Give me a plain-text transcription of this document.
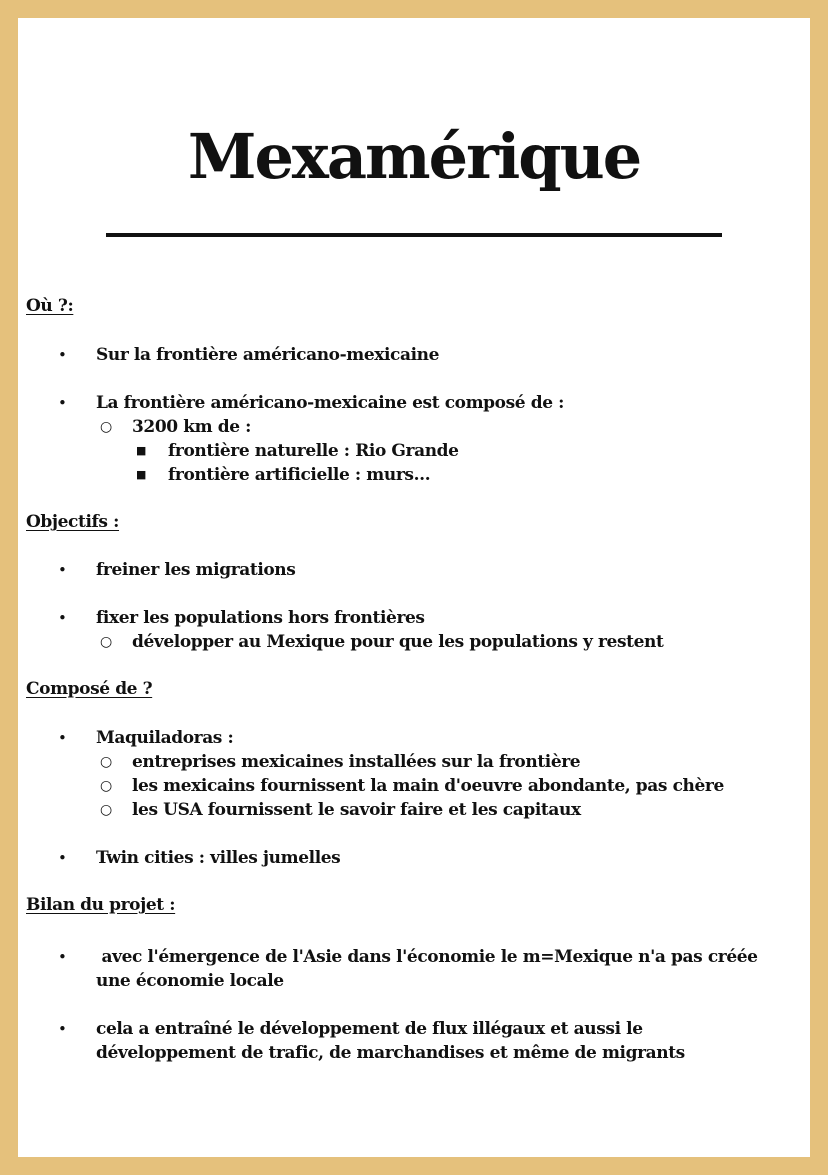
Mexamérique
Où ?:
• Sur la frontière américano-mexicaine
• La frontière américano-mexicaine est composé de :
○ 3200 km de :
■ frontière naturelle : Rio Grande
■ frontière artificielle : murs…
Objectifs :
• freiner les migrations
• fixer les populations hors frontières
○ développer au Mexique pour que les populations y restent
Composé de ?
• Maquiladoras :
○ entreprises mexicaines installées sur la frontière
○ les mexicains fournissent la main d'oeuvre abondante, pas chère
○ les USA fournissent le savoir faire et les capitaux
• Twin cities : villes jumelles
Bilan du projet :
• avec l'émergence de l'Asie dans l'économie le m=Mexique n'a pas créée
une économie locale
• cela a entraîné le développement de flux illégaux et aussi le
développement de trafic, de marchandises et même de migrants
